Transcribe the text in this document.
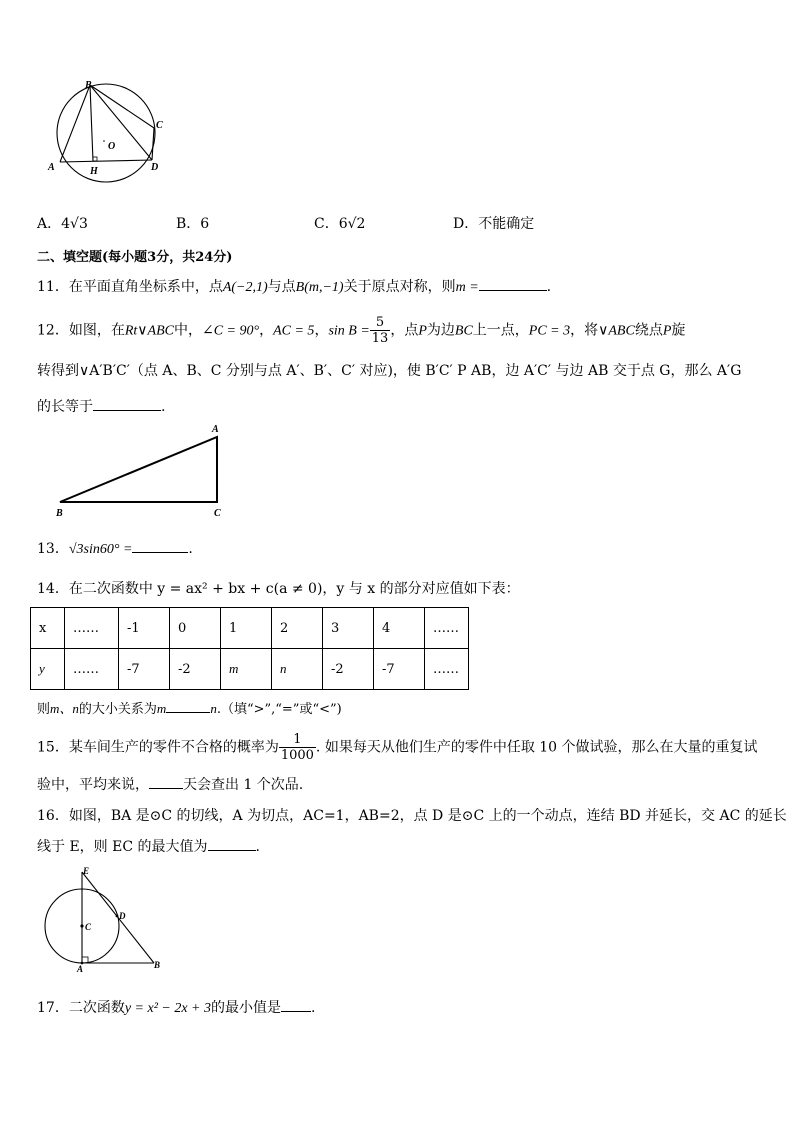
B
C
O
A	H	D
A．4√3	B．6	C．6√2	D．不能确定
二、填空题(每小题3分，共24分)
11．在平面直角坐标系中，点A(−2,1)与点B(m,−1)关于原点对称，则m =	.
12．如图，在Rt∨ABC中，∠C = 90°，AC = 5，$\sin B = \frac{5}{13}$ ，点P为边BC上一点，PC = 3，将∨ABC绕点P旋
转得到∨A′B′C′（点 A、B、C 分别与点 A′、B′、C′ 对应)，使 B′C′ P AB，边 A′C′ 与边 AB 交于点 G，那么 A′G
的长等于	.
A
B	C
13．√3sin60° =	.
14．在二次函数中 y = ax² + bx + c(a ≠ 0)，y 与 x 的部分对应值如下表：
x	……	-1	0	1	2	3	4	……
y	……	-7	-2	m	n	-2	-7	……
则m、n的大小关系为m	n.（填“>”,“=”或“<”)
15．某车间生产的零件不合格的概率为 $\frac{1}{1000}$ . 如果每天从他们生产的零件中任取 10 个做试验，那么在大量的重复试
验中，平均来说， 天会查出 1 个次品.
16．如图，BA 是⊙C 的切线，A 为切点，AC=1，AB=2，点 D 是⊙C 上的一个动点，连结 BD 并延长，交 AC 的延长
线于 E，则 EC 的最大值为	.
E
D
C
A	B
17．二次函数y = x² − 2x + 3的最小值是 .
